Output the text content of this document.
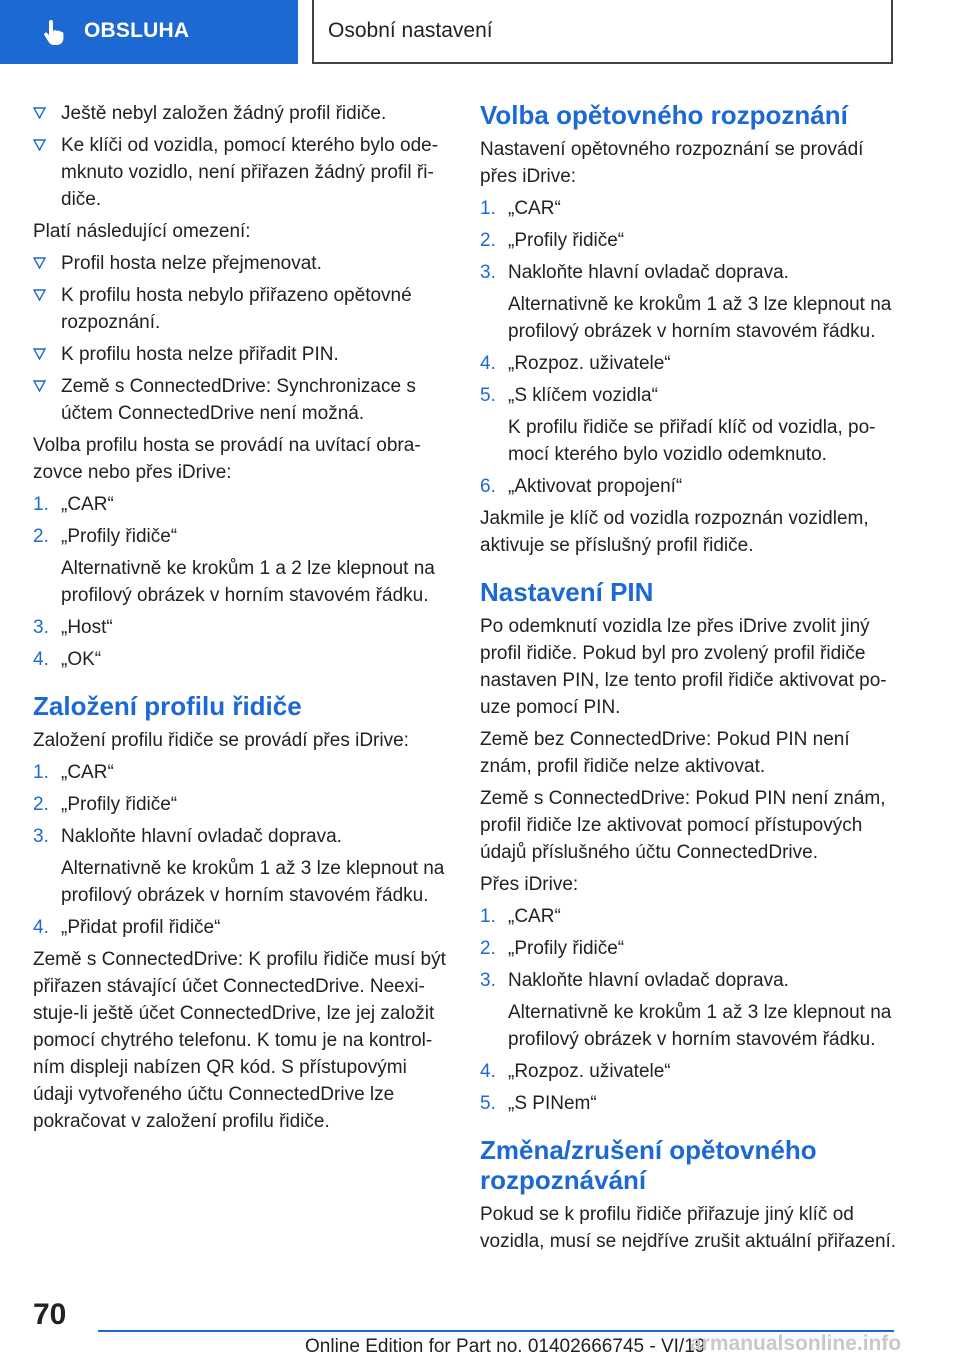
OBSLUHA	Osobní nastavení
Ještě nebyl založen žádný profil řidiče.
Ke klíči od vozidla, pomocí kterého bylo odemknuto vozidlo, není přiřazen žádný profil řidiče.
Platí následující omezení:
Profil hosta nelze přejmenovat.
K profilu hosta nebylo přiřazeno opětovné rozpoznání.
K profilu hosta nelze přiřadit PIN.
Země s ConnectedDrive: Synchronizace s účtem ConnectedDrive není možná.
Volba profilu hosta se provádí na uvítací obrazovce nebo přes iDrive:
1. „CAR“
2. „Profily řidiče“
Alternativně ke krokům 1 a 2 lze klepnout na profilový obrázek v horním stavovém řádku.
3. „Host“
4. „OK“
Založení profilu řidiče
Založení profilu řidiče se provádí přes iDrive:
1. „CAR“
2. „Profily řidiče“
3. Nakloňte hlavní ovladač doprava.
Alternativně ke krokům 1 až 3 lze klepnout na profilový obrázek v horním stavovém řádku.
4. „Přidat profil řidiče“
Země s ConnectedDrive: K profilu řidiče musí být přiřazen stávající účet ConnectedDrive. Neexistuje-li ještě účet ConnectedDrive, lze jej založit pomocí chytrého telefonu. K tomu je na kontrolním displeji nabízen QR kód. S přístupovými údaji vytvořeného účtu ConnectedDrive lze pokračovat v založení profilu řidiče.
Volba opětovného rozpoznání
Nastavení opětovného rozpoznání se provádí přes iDrive:
1. „CAR“
2. „Profily řidiče“
3. Nakloňte hlavní ovladač doprava.
Alternativně ke krokům 1 až 3 lze klepnout na profilový obrázek v horním stavovém řádku.
4. „Rozpoz. uživatele“
5. „S klíčem vozidla“
K profilu řidiče se přiřadí klíč od vozidla, pomocí kterého bylo vozidlo odemknuto.
6. „Aktivovat propojení“
Jakmile je klíč od vozidla rozpoznán vozidlem, aktivuje se příslušný profil řidiče.
Nastavení PIN
Po odemknutí vozidla lze přes iDrive zvolit jiný profil řidiče. Pokud byl pro zvolený profil řidiče nastaven PIN, lze tento profil řidiče aktivovat pouze pomocí PIN.
Země bez ConnectedDrive: Pokud PIN není znám, profil řidiče nelze aktivovat.
Země s ConnectedDrive: Pokud PIN není znám, profil řidiče lze aktivovat pomocí přístupových údajů příslušného účtu ConnectedDrive.
Přes iDrive:
1. „CAR“
2. „Profily řidiče“
3. Nakloňte hlavní ovladač doprava.
Alternativně ke krokům 1 až 3 lze klepnout na profilový obrázek v horním stavovém řádku.
4. „Rozpoz. uživatele“
5. „S PINem“
Změna/zrušení opětovného rozpoznávání
Pokud se k profilu řidiče přiřazuje jiný klíč od vozidla, musí se nejdříve zrušit aktuální přiřazení.
70
Online Edition for Part no. 01402666745 - VI/19
armanualsonline.info
